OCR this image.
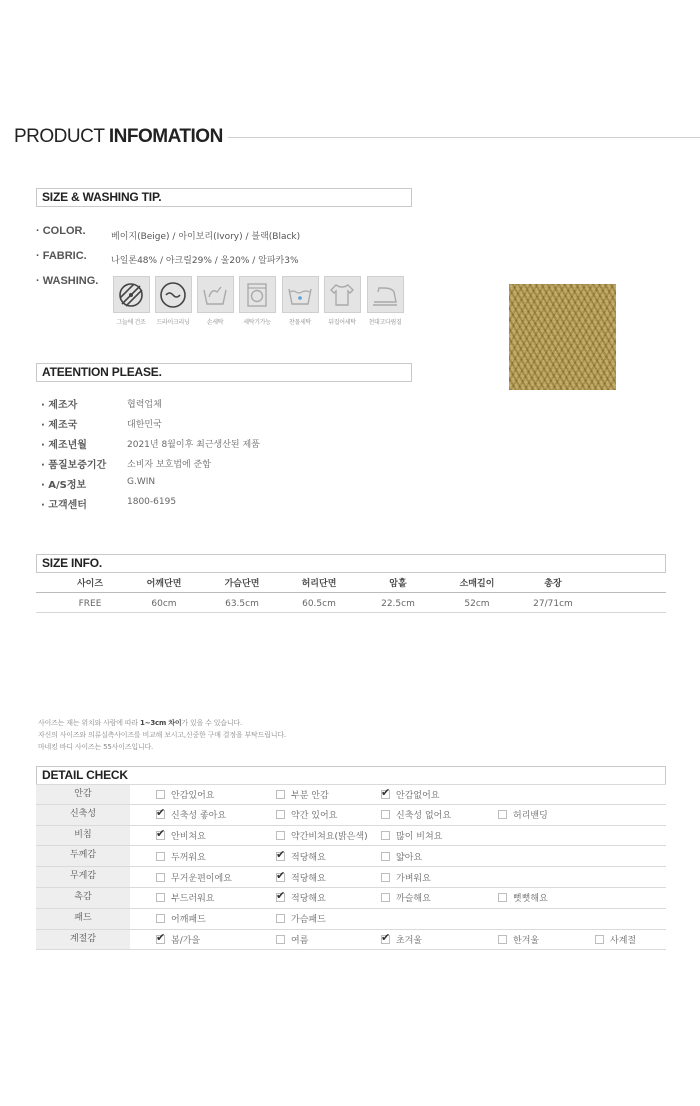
PRODUCT INFOMATION
SIZE & WASHING TIP.
· COLOR.	베이지(Beige) / 아이보리(Ivory) / 블랙(Black)
· FABRIC.	나일론48% / 아크릴29% / 울20% / 알파카3%
· WASHING.
그늘에 건조	드라이크리닝	손세탁	세탁기가능	찬물세탁	뒤집어세탁	천대고다림질
ATEENTION PLEASE.
· 제조자	협력업체
· 제조국	대한민국
· 제조년월	2021년 8월이후 최근생산된 제품
· 품질보증기간 소비자 보호법에 준함
· A/S정보	G.WIN
· 고객센터	1800-6195
SIZE INFO.
사이즈	어깨단면	가슴단면	허리단면	암홀	소매길이	총장
FREE	60cm	63.5cm	60.5cm	22.5cm	52cm	27/71cm
사이즈는 재는 위치와 사람에 따라 1~3cm 차이가 있을 수 있습니다.
자신의 사이즈와 의류실측사이즈를 비교해 보시고,신중한 구매 결정을 부탁드립니다.
마네킹 바디 사이즈는 55사이즈입니다.
DETAIL CHECK
안감	안감있어요	부분 안감 ✔	안감없어요
신축성 ✔	신축성 좋아요	약간 있어요	신축성 없어요	허리밴딩
비침 ✔	안비쳐요	약간비쳐요(밝은색)	많이 비쳐요
두께감	두꺼워요 ✔	적당해요	얇아요
무게감	무거운편이에요 ✔	적당해요	가벼워요
촉감	부드러워요 ✔	적당해요	까슬해요	뻣뻣해요
패드	어깨패드	가슴패드
계절감 ✔	봄/가을	여름 ✔	초겨울	한겨울	사계절
